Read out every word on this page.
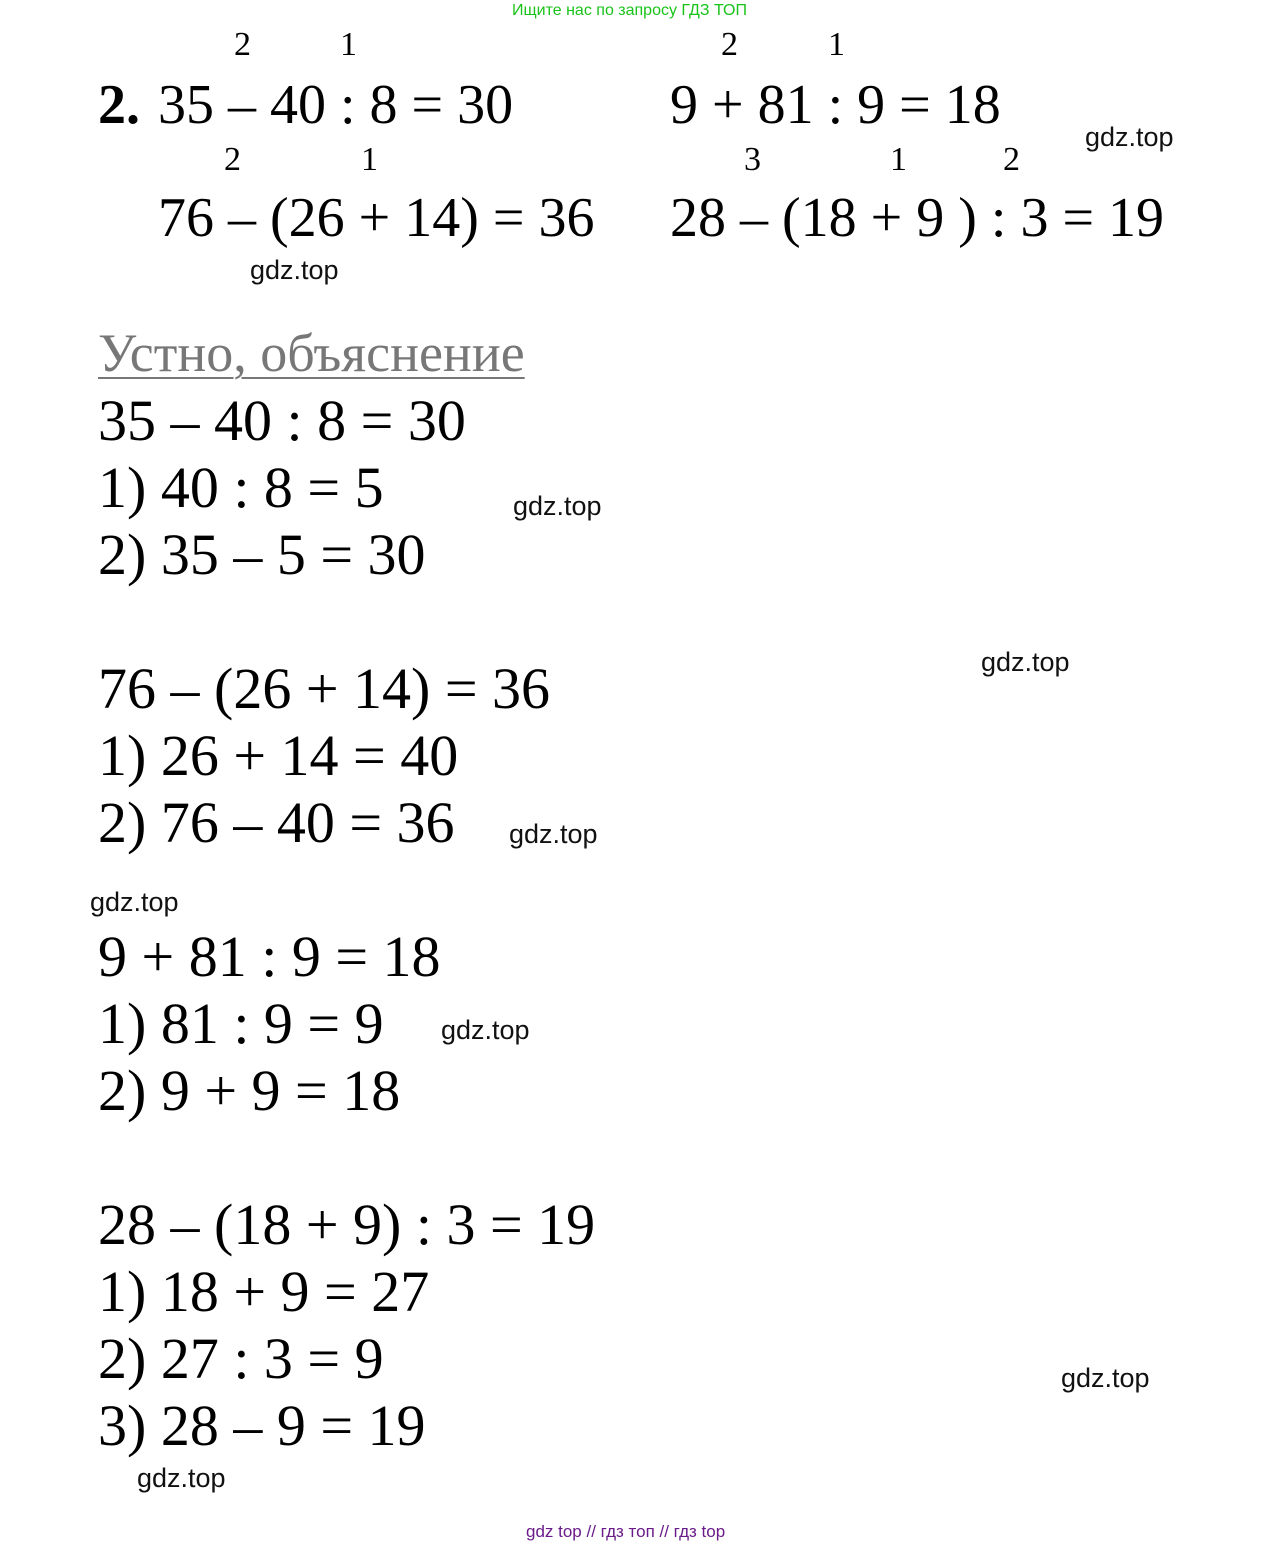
Ищите нас по запросу ГДЗ ТОП
2	1	2	1
2. 35 – 40 : 8 = 30	9 + 81 : 9 = 18
gdz.top
2	1	3	1	2
76 – (26 + 14) = 36 28 – (18 + 9 ) : 3 = 19
gdz.top
Устно, объяснение
35 – 40 : 8 = 30
1) 40 : 8 = 5
2) 35 – 5 = 30
gdz.top
gdz.top
76 – (26 + 14) = 36
1) 26 + 14 = 40
2) 76 – 40 = 36 gdz.top
gdz.top
9 + 81 : 9 = 18
1) 81 : 9 = 9
2) 9 + 9 = 18
gdz.top
28 – (18 + 9) : 3 = 19
1) 18 + 9 = 27
2) 27 : 3 = 9
3) 28 – 9 = 19
gdz.top
gdz.top
gdz top // гдз топ // гдз top
